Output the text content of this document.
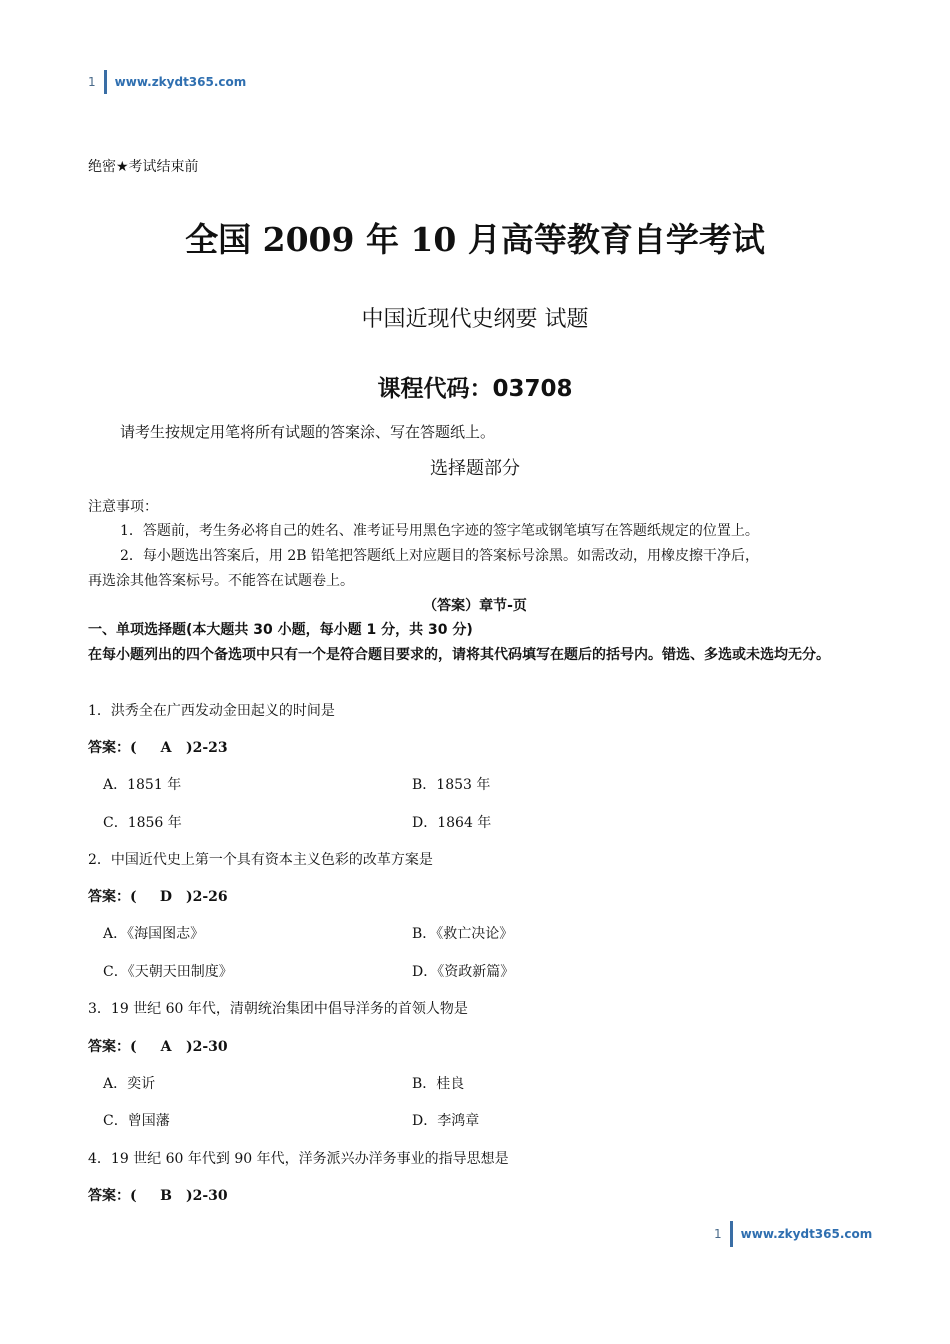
1 www.zkydt365.com
绝密★考试结束前
全国 2009 年 10 月高等教育自学考试
中国近现代史纲要 试题
课程代码：03708
请考生按规定用笔将所有试题的答案涂、写在答题纸上。
选择题部分
注意事项：
1．答题前，考生务必将自己的姓名、准考证号用黑色字迹的签字笔或钢笔填写在答题纸规定的位置上。
2．每小题选出答案后，用 2B 铅笔把答题纸上对应题目的答案标号涂黑。如需改动，用橡皮擦干净后，
再选涂其他答案标号。不能答在试题卷上。
（答案）章节-页
一、单项选择题(本大题共 30 小题，每小题 1 分，共 30 分)
在每小题列出的四个备选项中只有一个是符合题目要求的，请将其代码填写在题后的括号内。错选、多选或未选均无分。
1．洪秀全在广西发动金田起义的时间是
答案：( A )2-23
A．1851 年	B．1853 年
C．1856 年	D．1864 年
2．中国近代史上第一个具有资本主义色彩的改革方案是
答案：( D )2-26
A．《海国图志》	B．《救亡决论》
C．《天朝天田制度》	D．《资政新篇》
3．19 世纪 60 年代，清朝统治集团中倡导洋务的首领人物是
答案：( A )2-30
A．奕䜣	B．桂良
C．曾国藩	D．李鸿章
4．19 世纪 60 年代到 90 年代，洋务派兴办洋务事业的指导思想是
答案：( B )2-30
1 www.zkydt365.com
